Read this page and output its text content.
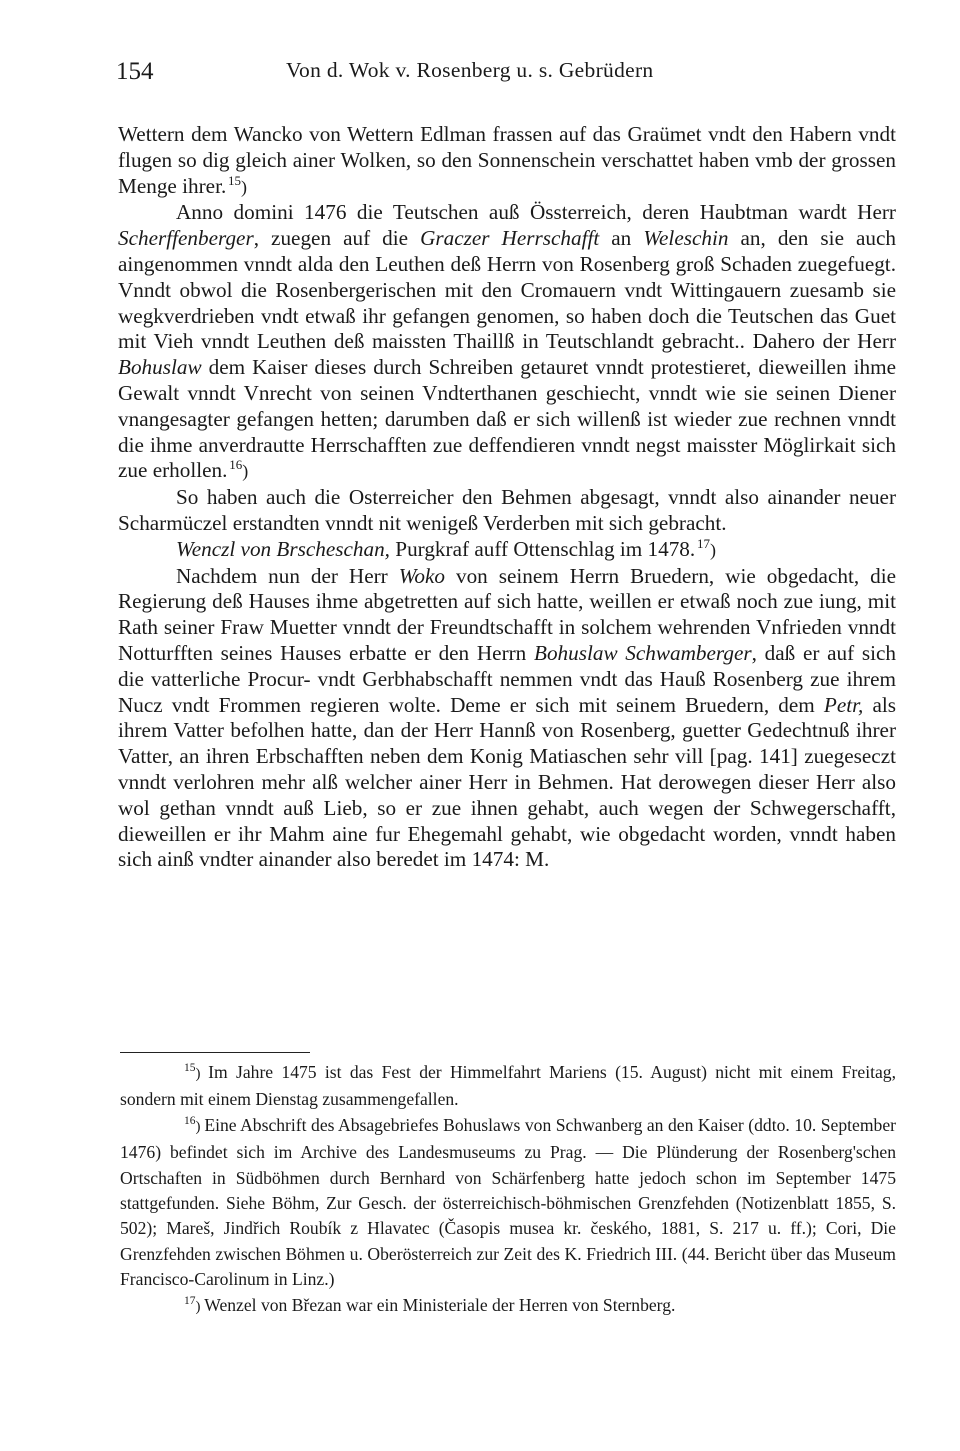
154	Von d. Wok v. Rosenberg u. s. Gebrüdern

Wettern dem Wancko von Wettern Edlman frassen auf das Graümet vndt den Habern vndt flugen so dig gleich ainer Wolken, so den Sonnenschein verschattet haben vmb der grossen Menge ihrer.  $^{15}$)

Anno domini 1476 die Teutschen auß Össterreich, deren Haubtman wardt Herr Scherffenberger, zuegen auf die Graczer Herrschafft an Weleschin an, den sie auch aingenommen vnndt alda den Leuthen deß Herrn von Rosenberg groß Schaden zuegefuegt. Vnndt obwol die Rosenbergerischen mit den Cromauern vndt Wittingauern zuesamb sie wegkverdrieben vndt etwaß ihr gefangen genomen, so haben doch die Teutschen das Guet mit Vieh vnndt Leuthen deß maissten Thaillß in Teutschlandt gebracht.. Dahero der Herr Bohuslaw dem Kaiser dieses durch Schreiben getauret vnndt protestieret, dieweillen ihme Gewalt vnndt Vnrecht von seinen Vndterthanen geschiecht, vnndt wie sie seinen Diener vnangesagter gefangen hetten; darumben daß er sich willenß ist wieder zue rechnen vnndt die ihme anverdrautte Herrschafften zue deffendieren vnndt negst maisster Möglігkait sich zue erhollen.  $^{16}$)

So haben auch die Osterreicher den Behmen abgesagt, vnndt also ainander neuer Scharmüczel erstandten vnndt nit wenigeß Verderben mit sich gebracht.

Wenczl von Brscheschan, Purgkraf auff Ottenschlag im 1478.  $^{17}$)

Nachdem nun der Herr Woko von seinem Herrn Bruedern, wie obgedacht, die Regierung deß Hauses ihme abgetretten auf sich hatte, weillen er etwaß noch zue iung, mit Rath seiner Fraw Muetter vnndt der Freundtschafft in solchem wehrenden Vnfrieden vnndt Notturfften seines Hauses erbatte er den Herrn Bohuslaw Schwamberger, daß er auf sich die vatterliche Procur- vndt Gerbhabschafft nemmen vndt das Hauß Rosenberg zue ihrem Nucz vndt Frommen regieren wolte. Deme er sich mit seinem Bruedern, dem Petr, als ihrem Vatter befolhen hatte, dan der Herr Hannß von Rosenberg, guetter Gedechtnuß ihrer Vatter, an ihren Erbschafften neben dem Konig Matiaschen sehr vill [pag. 141] zuegeseczt vnndt verlohren mehr alß welcher ainer Herr in Behmen. Hat derowegen dieser Herr also wol gethan vnndt auß Lieb, so er zue ihnen gehabt, auch wegen der Schwegerschafft, dieweillen er ihr Mahm aine fur Ehegemahl gehabt, wie obgedacht worden, vnndt haben sich ainß vndter ainander also beredet im 1474: M.

$^{15}$) Im Jahre 1475 ist das Fest der Himmelfahrt Mariens (15. August) nicht mit einem Freitag, sondern mit einem Dienstag zusammengefallen.

$^{16}$) Eine Abschrift des Absagebriefes Bohuslaws von Schwanberg an den Kaiser (ddto. 10. September 1476) befindet sich im Archive des Landesmuseums zu Prag. — Die Plünderung der Rosenberg'schen Ortschaften in Südböhmen durch Bernhard von Schärfenberg hatte jedoch schon im September 1475 stattgefunden. Siehe Böhm, Zur Gesch. der österreichisch-böhmischen Grenzfehden (Notizenblatt 1855, S. 502); Mareš, Jindřich Roubík z Hlavatec (Časopis musea kr. českého, 1881, S. 217 u. ff.); Cori, Die Grenzfehden zwischen Böhmen u. Oberösterreich zur Zeit des K. Friedrich III. (44. Bericht über das Museum Francisco-Carolinum in Linz.)

$^{17}$) Wenzel von Březan war ein Ministeriale der Herren von Sternberg.
